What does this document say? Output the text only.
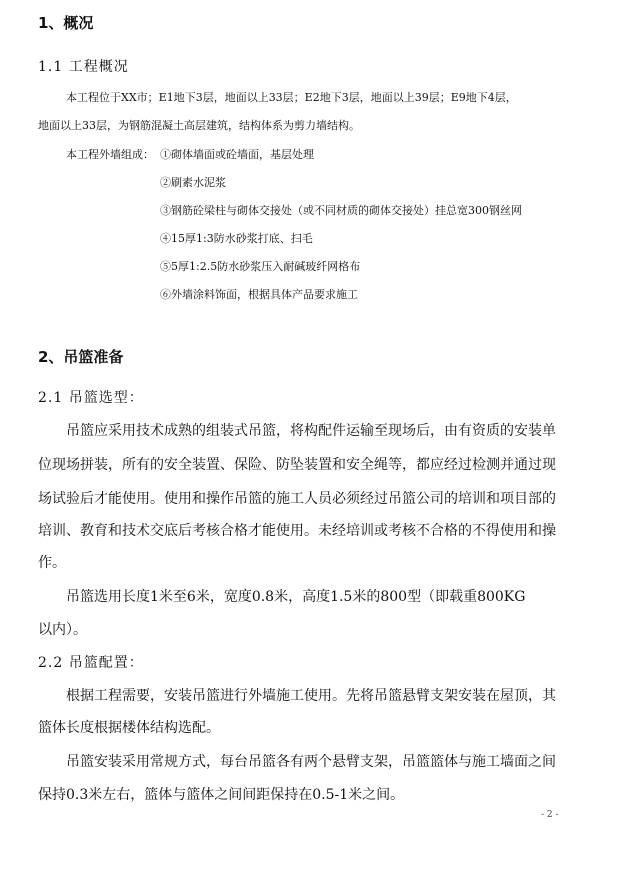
1、概况
1.1 工程概况
本工程位于XX市；E1地下3层，地面以上33层；E2地下3层，地面以上39层；E9地下4层，
地面以上33层，为钢筋混凝土高层建筑，结构体系为剪力墙结构。
本工程外墙组成： ①砌体墙面或砼墙面，基层处理
②刷素水泥浆
③钢筋砼梁柱与砌体交接处（或不同材质的砌体交接处）挂总宽300钢丝网
④15厚1:3防水砂浆打底、扫毛
⑤5厚1:2.5防水砂浆压入耐碱玻纤网格布
⑥外墙涂料饰面，根据具体产品要求施工
2、吊篮准备
2.1 吊篮选型：
吊篮应采用技术成熟的组装式吊篮，将构配件运输至现场后，由有资质的安装单
位现场拼装，所有的安全装置、保险、防坠装置和安全绳等，都应经过检测并通过现
场试验后才能使用。使用和操作吊篮的施工人员必须经过吊篮公司的培训和项目部的
培训、教育和技术交底后考核合格才能使用。未经培训或考核不合格的不得使用和操
作。
吊篮选用长度1米至6米，宽度0.8米，高度1.5米的800型（即载重800KG
以内）。
2.2 吊篮配置：
根据工程需要，安装吊篮进行外墙施工使用。先将吊篮悬臂支架安装在屋顶，其
篮体长度根据楼体结构选配。
吊篮安装采用常规方式，每台吊篮各有两个悬臂支架，吊篮篮体与施工墙面之间
保持0.3米左右，篮体与篮体之间间距保持在0.5-1米之间。
- 2 -
